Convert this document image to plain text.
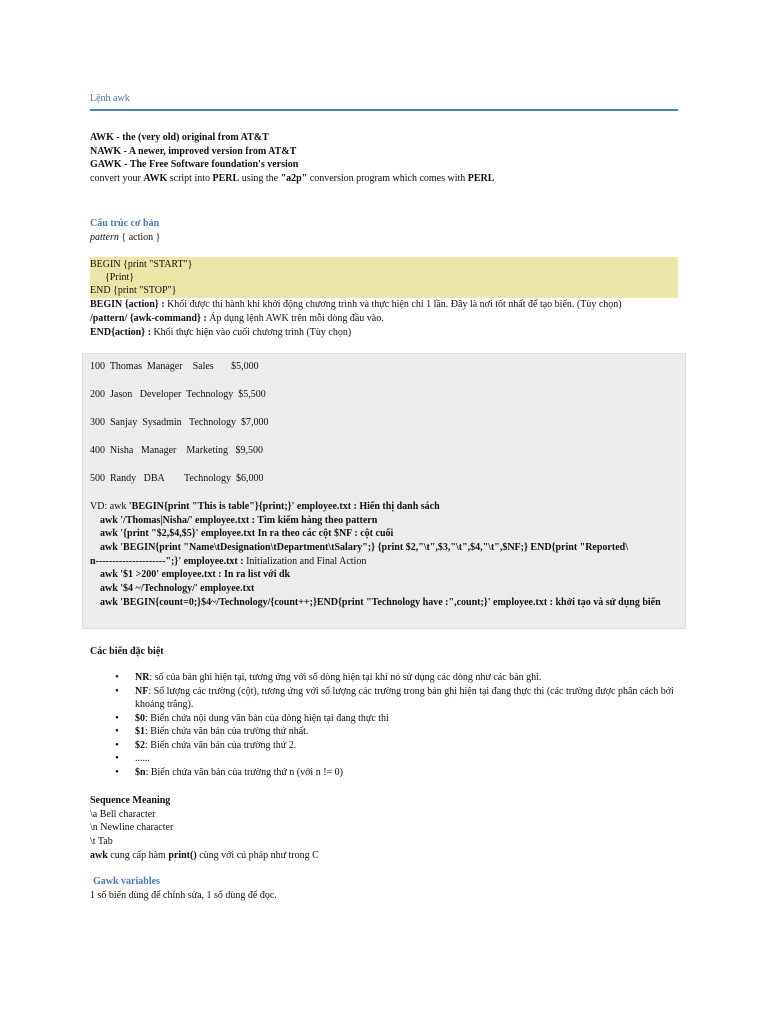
Lệnh awk
AWK - the (very old) original from AT&T
NAWK - A newer, improved version from AT&T
GAWK - The Free Software foundation's version
convert your AWK script into PERL using the "a2p" conversion program which comes with PERL
Cấu trúc cơ bản
pattern { action }
BEGIN {print "START"}
{Print}
END {print "STOP"}
BEGIN {action} : Khối được thi hành khi khởi động chương trình và thực hiện chỉ 1 lần. Đây là nơi tốt nhất để tạo biến. (Tùy chọn)
/pattern/ {awk-command} : Áp dụng lệnh AWK trên mỗi dòng đầu vào.
END{action} : Khối thực hiện vào cuối chương trình (Tùy chọn)
100  Thomas  Manager    Sales       $5,000
200  Jason   Developer  Technology  $5,500
300  Sanjay  Sysadmin   Technology  $7,000
400  Nisha   Manager    Marketing   $9,500
500  Randy   DBA        Technology  $6,000
VD: awk 'BEGIN{print "This is table"}{print;}' employee.txt : Hiển thị danh sách
awk '/Thomas|Nisha/' employee.txt : Tìm kiếm hàng theo pattern
awk '{print "$2,$4,$5}' employee.txt In ra theo các cột $NF : cột cuối
awk 'BEGIN{print "Name\tDesignation\tDepartment\tSalary";} {print $2,"\t",$3,"\t",$4,"\t",$NF;} END{print "Reported\
n---------------------";}' employee.txt : Initialization and Final Action
awk '$1 >200' employee.txt : In ra list với dk
awk '$4 ~/Technology/' employee.txt
awk 'BEGIN{count=0;}$4~/Technology/{count++;}END{print "Technology have :",count;}' employee.txt : khởi tạo và sử dụng biến
Các biến đặc biệt
• NR: số của bản ghi hiện tại, tương ứng với số dòng hiện tại khi nó sử dụng các dòng như các bản ghi.
• NF: Số lượng các trường (cột), tương ứng với số lượng các trường trong bản ghi hiện tại đang thực thi (các trường được phân cách bởi khoảng trắng).
• $0: Biến chứa nội dung văn bản của dòng hiện tại đang thực thi
• $1: Biến chứa văn bản của trường thứ nhất.
• $2: Biến chứa văn bản của trường thứ 2.
• ......
• $n: Biến chứa văn bản của trường thứ n (với n != 0)
Sequence Meaning
\a Bell character
\n Newline character
\t Tab
awk cung cấp hàm print() cùng với cú pháp như trong C
Gawk variables
1 số biến dùng để chỉnh sửa, 1 số dùng để đọc.
